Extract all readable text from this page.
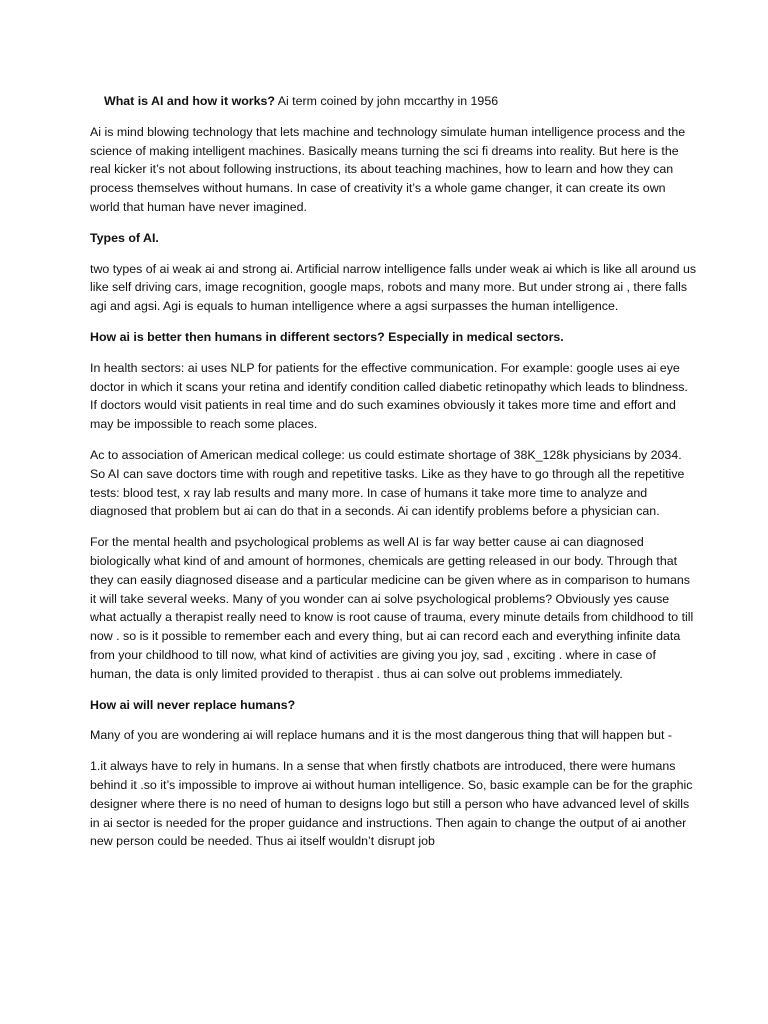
What is AI and how it works? Ai term coined by john mccarthy in 1956

Ai is mind blowing technology that lets machine and technology simulate human intelligence process and the science of making intelligent machines. Basically means turning the sci fi dreams into reality. But here is the real kicker it’s not about following instructions, its about teaching machines, how to learn and how they can process themselves without humans. In case of creativity it’s a whole game changer, it can create its own world that human have never imagined.

Types of AI.

two types of ai weak ai and strong ai. Artificial narrow intelligence falls under weak ai which is like all around us like self driving cars, image recognition, google maps, robots and many more. But under strong ai , there falls agi and agsi. Agi is equals to human intelligence where a agsi surpasses the human intelligence.

How ai is better then humans in different sectors? Especially in medical sectors.

In health sectors: ai uses NLP for patients for the effective communication. For example: google uses ai eye doctor in which it scans your retina and identify condition called diabetic retinopathy which leads to blindness. If doctors would visit patients in real time and do such examines obviously it takes more time and effort and may be impossible to reach some places.

Ac to association of American medical college: us could estimate shortage of 38K_128k physicians by 2034. So AI can save doctors time with rough and repetitive tasks. Like as they have to go through all the repetitive tests: blood test, x ray lab results and many more. In case of humans it take more time to analyze and diagnosed that problem but ai can do that in a seconds. Ai can identify problems before a physician can.

For the mental health and psychological problems as well AI is far way better cause ai can diagnosed biologically what kind of and amount of hormones, chemicals are getting released in our body. Through that they can easily diagnosed disease and a particular medicine can be given where as in comparison to humans it will take several weeks. Many of you wonder can ai solve psychological problems? Obviously yes cause what actually a therapist really need to know is root cause of trauma, every minute details from childhood to till now . so is it possible to remember each and every thing, but ai can record each and everything infinite data from your childhood to till now, what kind of activities are giving you joy, sad , exciting . where in case of human, the data is only limited provided to therapist . thus ai can solve out problems immediately.

How ai will never replace humans?

Many of you are wondering ai will replace humans and it is the most dangerous thing that will happen but -

1.it always have to rely in humans. In a sense that when firstly chatbots are introduced, there were humans behind it .so it’s impossible to improve ai without human intelligence. So, basic example can be for the graphic designer where there is no need of human to designs logo but still a person who have advanced level of skills in ai sector is needed for the proper guidance and instructions. Then again to change the output of ai another new person could be needed. Thus ai itself wouldn’t disrupt job
